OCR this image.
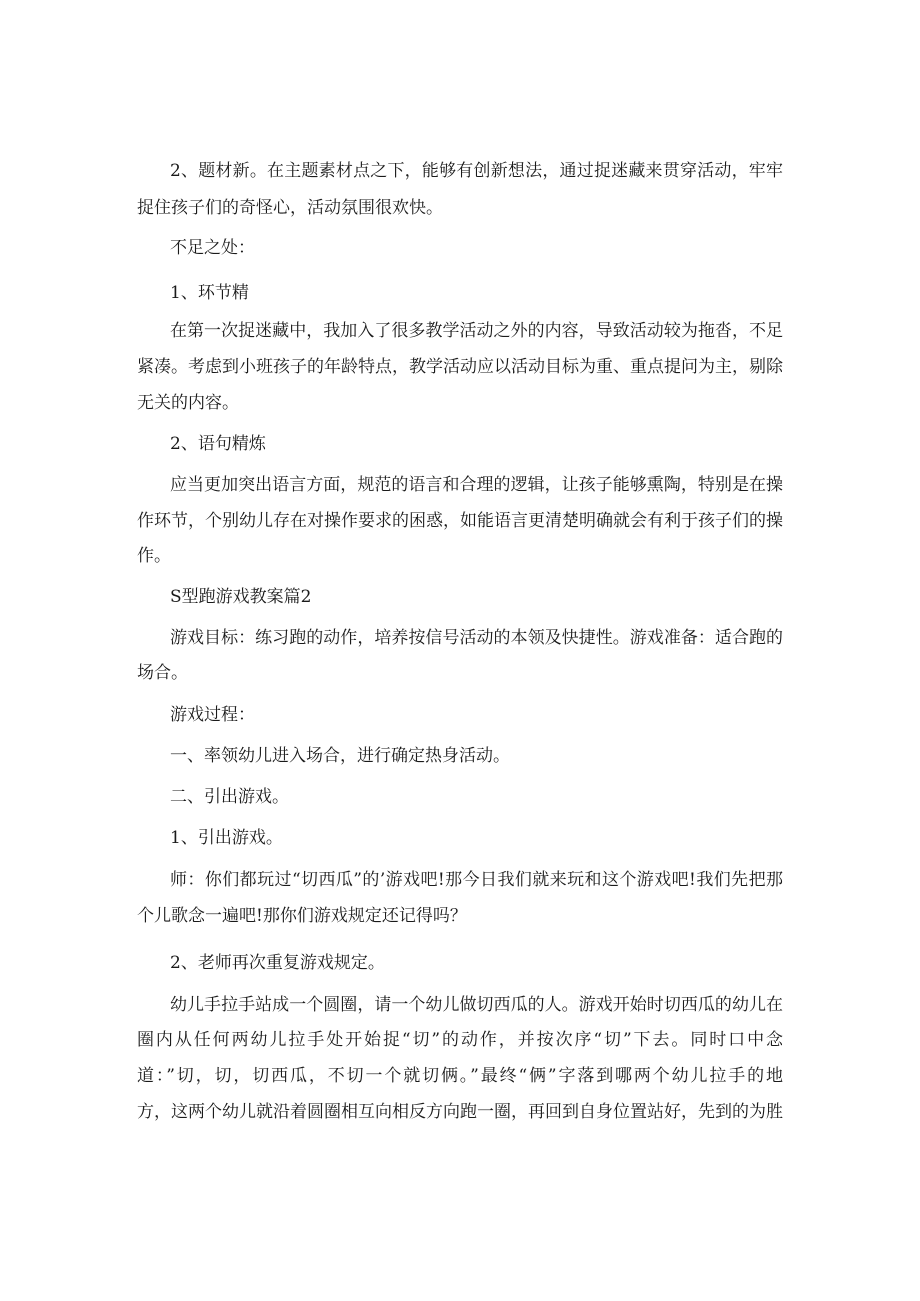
2、题材新。在主题素材点之下，能够有创新想法，通过捉迷藏来贯穿活动，牢牢
捉住孩子们的奇怪心，活动氛围很欢快。
不足之处：
1、环节精
在第一次捉迷藏中，我加入了很多教学活动之外的内容，导致活动较为拖沓，不足
紧凑。考虑到小班孩子的年龄特点，教学活动应以活动目标为重、重点提问为主，剔除
无关的内容。
2、语句精炼
应当更加突出语言方面，规范的语言和合理的逻辑，让孩子能够熏陶，特别是在操
作环节，个别幼儿存在对操作要求的困惑，如能语言更清楚明确就会有利于孩子们的操
作。
S型跑游戏教案篇2
游戏目标：练习跑的动作，培养按信号活动的本领及快捷性。游戏准备：适合跑的
场合。
游戏过程：
一、率领幼儿进入场合，进行确定热身活动。
二、引出游戏。
1、引出游戏。
师：你们都玩过“切西瓜”的’游戏吧!那今日我们就来玩和这个游戏吧!我们先把那
个儿歌念一遍吧!那你们游戏规定还记得吗？
2、老师再次重复游戏规定。
幼儿手拉手站成一个圆圈，请一个幼儿做切西瓜的人。游戏开始时切西瓜的幼儿在
圈内从任何两幼儿拉手处开始捉“切”的动作，并按次序“切”下去。同时口中念
道：”切，切，切西瓜，不切一个就切俩。”最终“俩”字落到哪两个幼儿拉手的地
方，这两个幼儿就沿着圆圈相互向相反方向跑一圈，再回到自身位置站好，先到的为胜
